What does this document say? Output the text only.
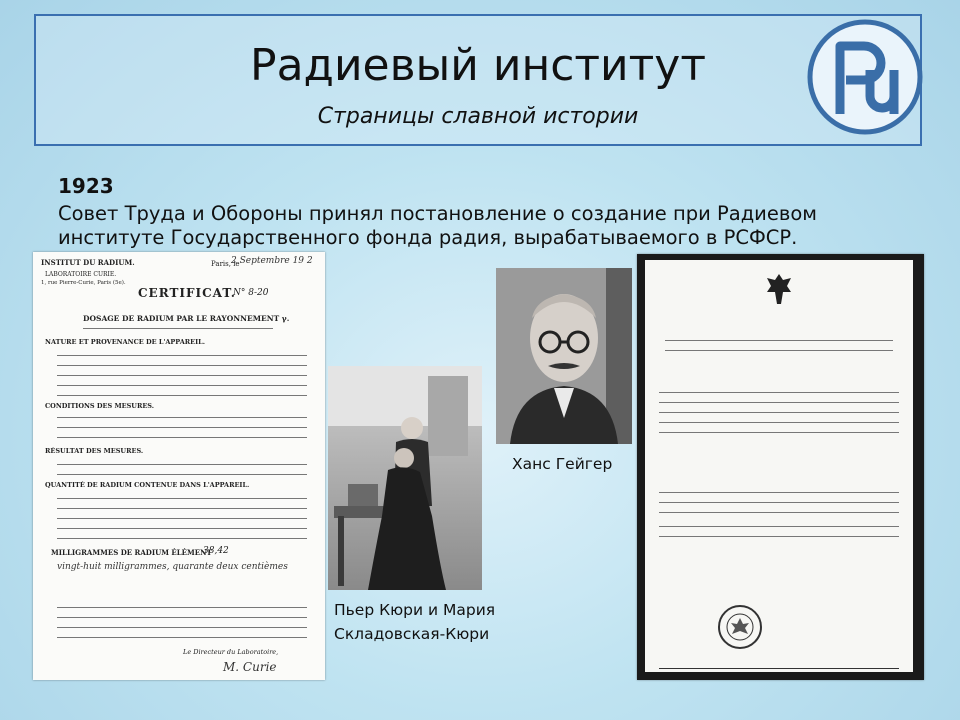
Радиевый институт
Страницы славной истории
1923
Совет Труда и Обороны принял постановление о создание при Радиевом институте Государственного фонда радия, вырабатываемого в РСФСР.
INSTITUT DU RADIUM.
LABORATOIRE CURIE.
1, rue Pierre-Curie, Paris (5e).
Paris, le
2 Septembre 19 2
CERTIFICAT.
N° 8-20
DOSAGE DE RADIUM PAR LE RAYONNEMENT γ.
NATURE ET PROVENANCE DE L'APPAREIL.
CONDITIONS DES MESURES.
RÉSULTAT DES MESURES.
QUANTITÉ DE RADIUM CONTENUE DANS L'APPAREIL.
MILLIGRAMMES DE RADIUM ÉLÉMENT
38,42
vingt-huit milligrammes, quarante deux centièmes
Le Directeur du Laboratoire,
M. Curie
Пьер Кюри и Мария
Складовская-Кюри
Ханс Гейгер
